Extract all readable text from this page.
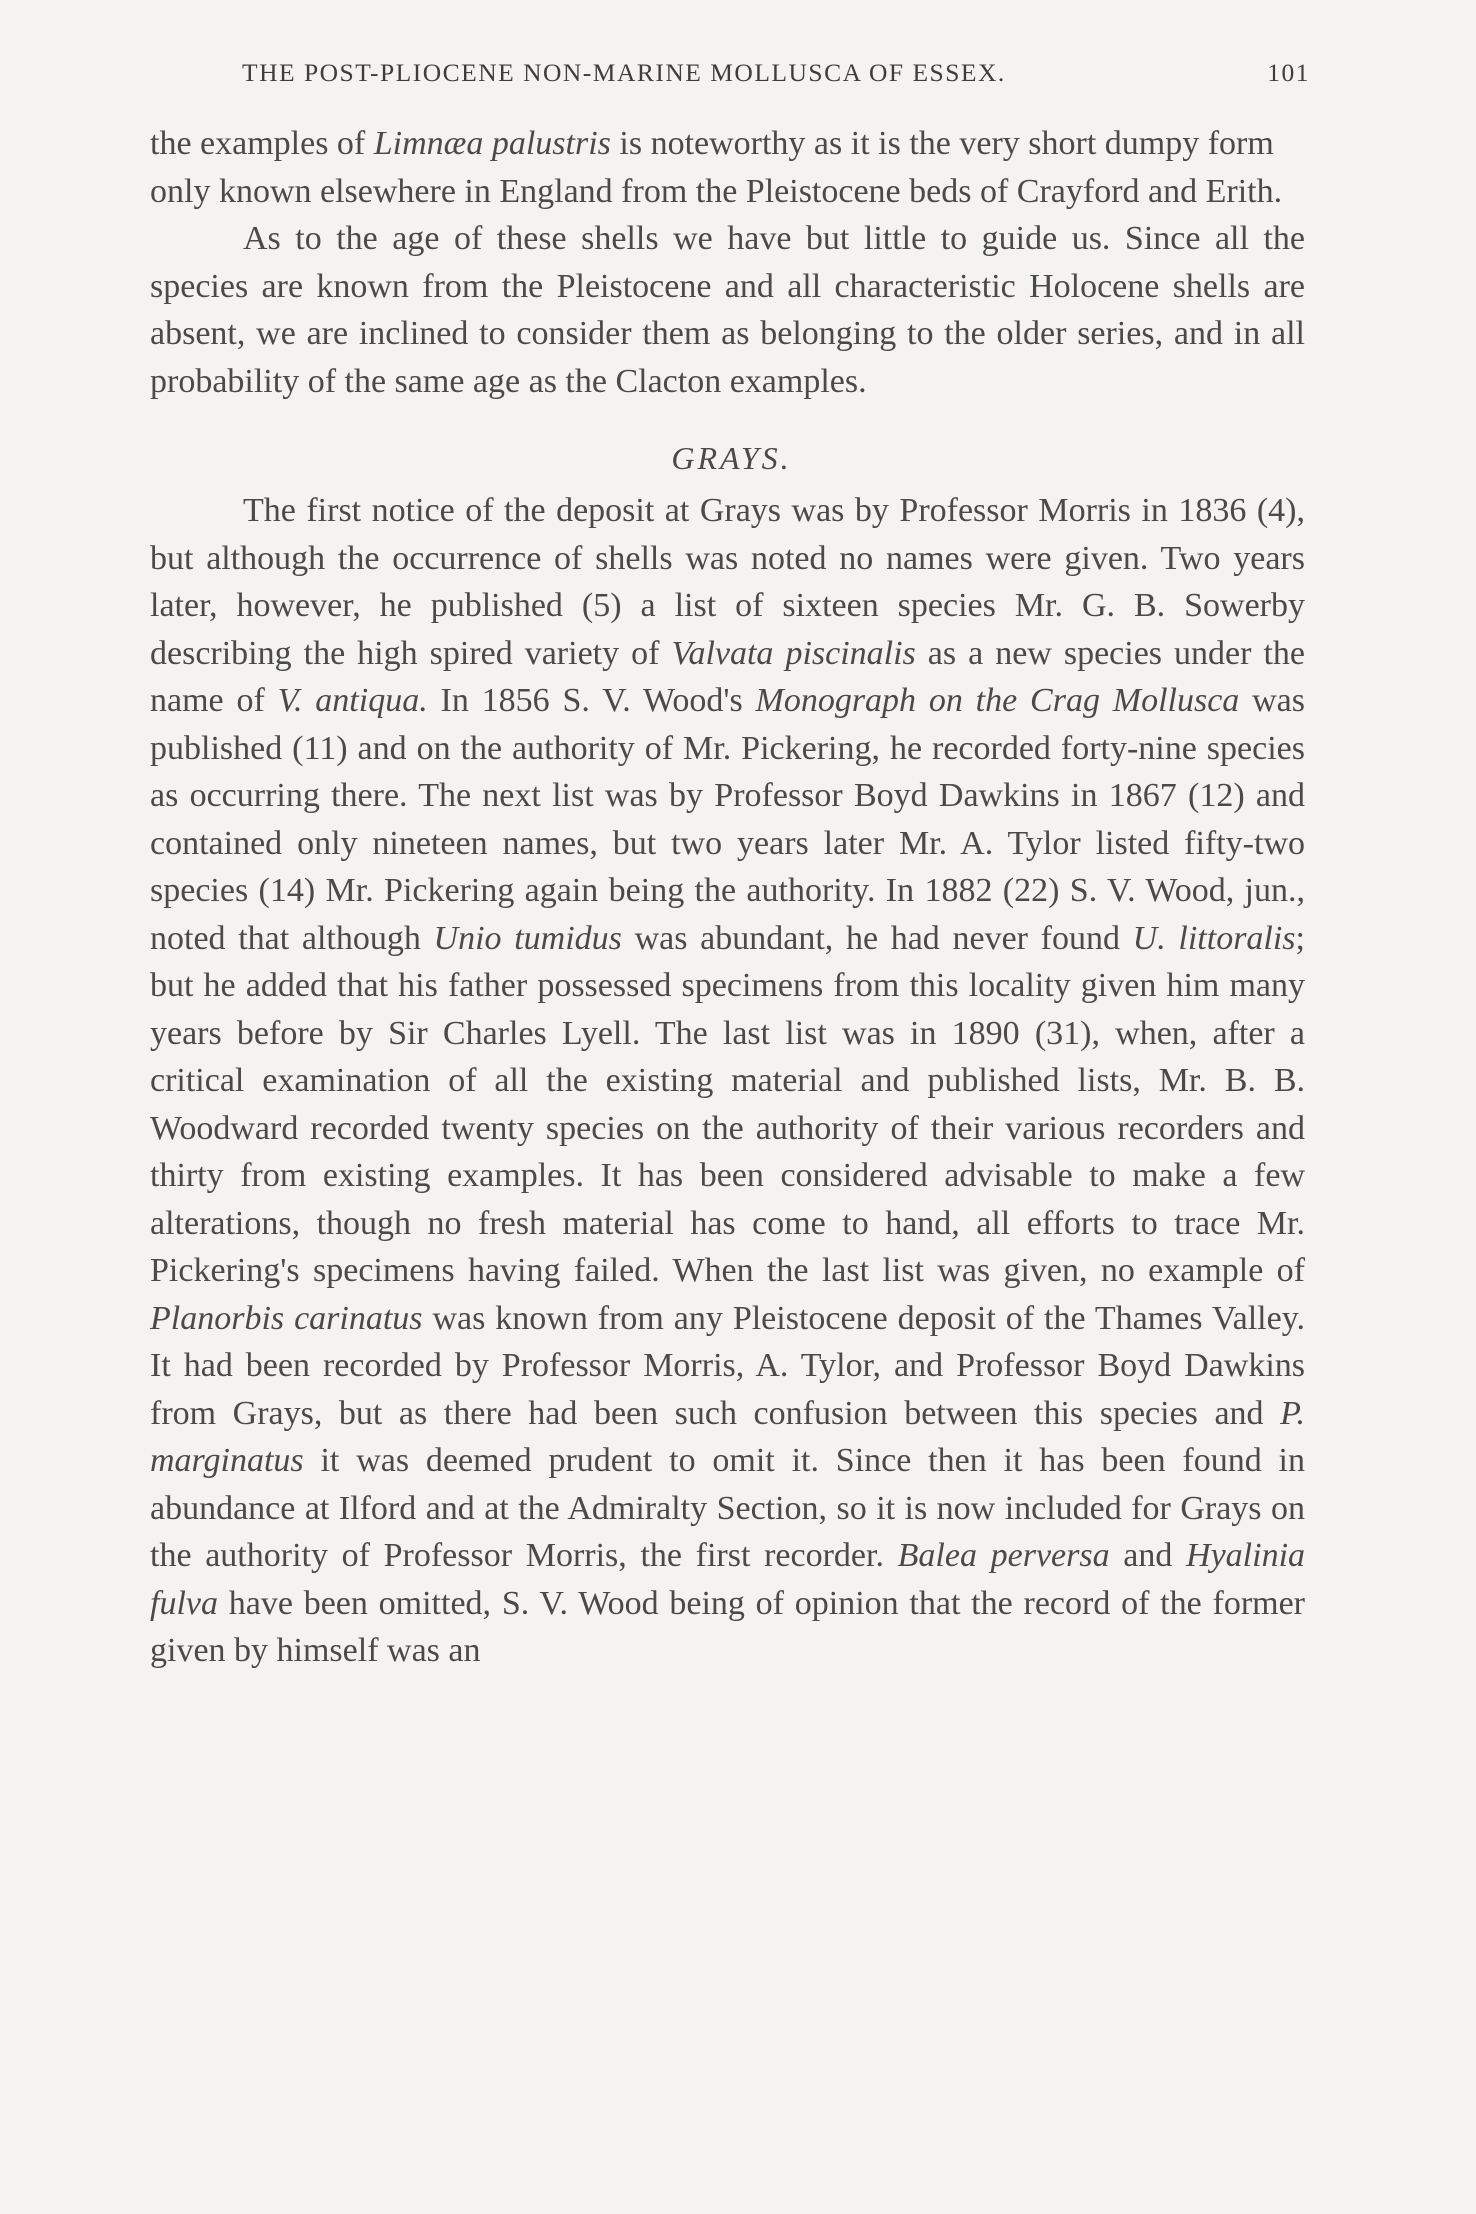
THE POST-PLIOCENE NON-MARINE MOLLUSCA OF ESSEX.	101

the examples of Limnæa palustris is noteworthy as it is the very short dumpy form only known elsewhere in England from the Pleistocene beds of Crayford and Erith.

As to the age of these shells we have but little to guide us. Since all the species are known from the Pleistocene and all characteristic Holocene shells are absent, we are inclined to consider them as belonging to the older series, and in all probability of the same age as the Clacton examples.

GRAYS.

The first notice of the deposit at Grays was by Professor Morris in 1836 (4), but although the occurrence of shells was noted no names were given. Two years later, however, he published (5) a list of sixteen species Mr. G. B. Sowerby describing the high spired variety of Valvata piscinalis as a new species under the name of V. antiqua. In 1856 S. V. Wood's Monograph on the Crag Mollusca was published (11) and on the authority of Mr. Pickering, he recorded forty-nine species as occurring there. The next list was by Professor Boyd Dawkins in 1867 (12) and contained only nineteen names, but two years later Mr. A. Tylor listed fifty-two species (14) Mr. Pickering again being the authority. In 1882 (22) S. V. Wood, jun., noted that although Unio tumidus was abundant, he had never found U. littoralis; but he added that his father possessed specimens from this locality given him many years before by Sir Charles Lyell. The last list was in 1890 (31), when, after a critical examination of all the existing material and published lists, Mr. B. B. Woodward recorded twenty species on the authority of their various recorders and thirty from existing examples. It has been considered advisable to make a few alterations, though no fresh material has come to hand, all efforts to trace Mr. Pickering's specimens having failed. When the last list was given, no example of Planorbis carinatus was known from any Pleistocene deposit of the Thames Valley. It had been recorded by Professor Morris, A. Tylor, and Professor Boyd Dawkins from Grays, but as there had been such confusion between this species and P. marginatus it was deemed prudent to omit it. Since then it has been found in abundance at Ilford and at the Admiralty Section, so it is now included for Grays on the authority of Professor Morris, the first recorder. Balea perversa and Hyalinia fulva have been omitted, S. V. Wood being of opinion that the record of the former given by himself was an
